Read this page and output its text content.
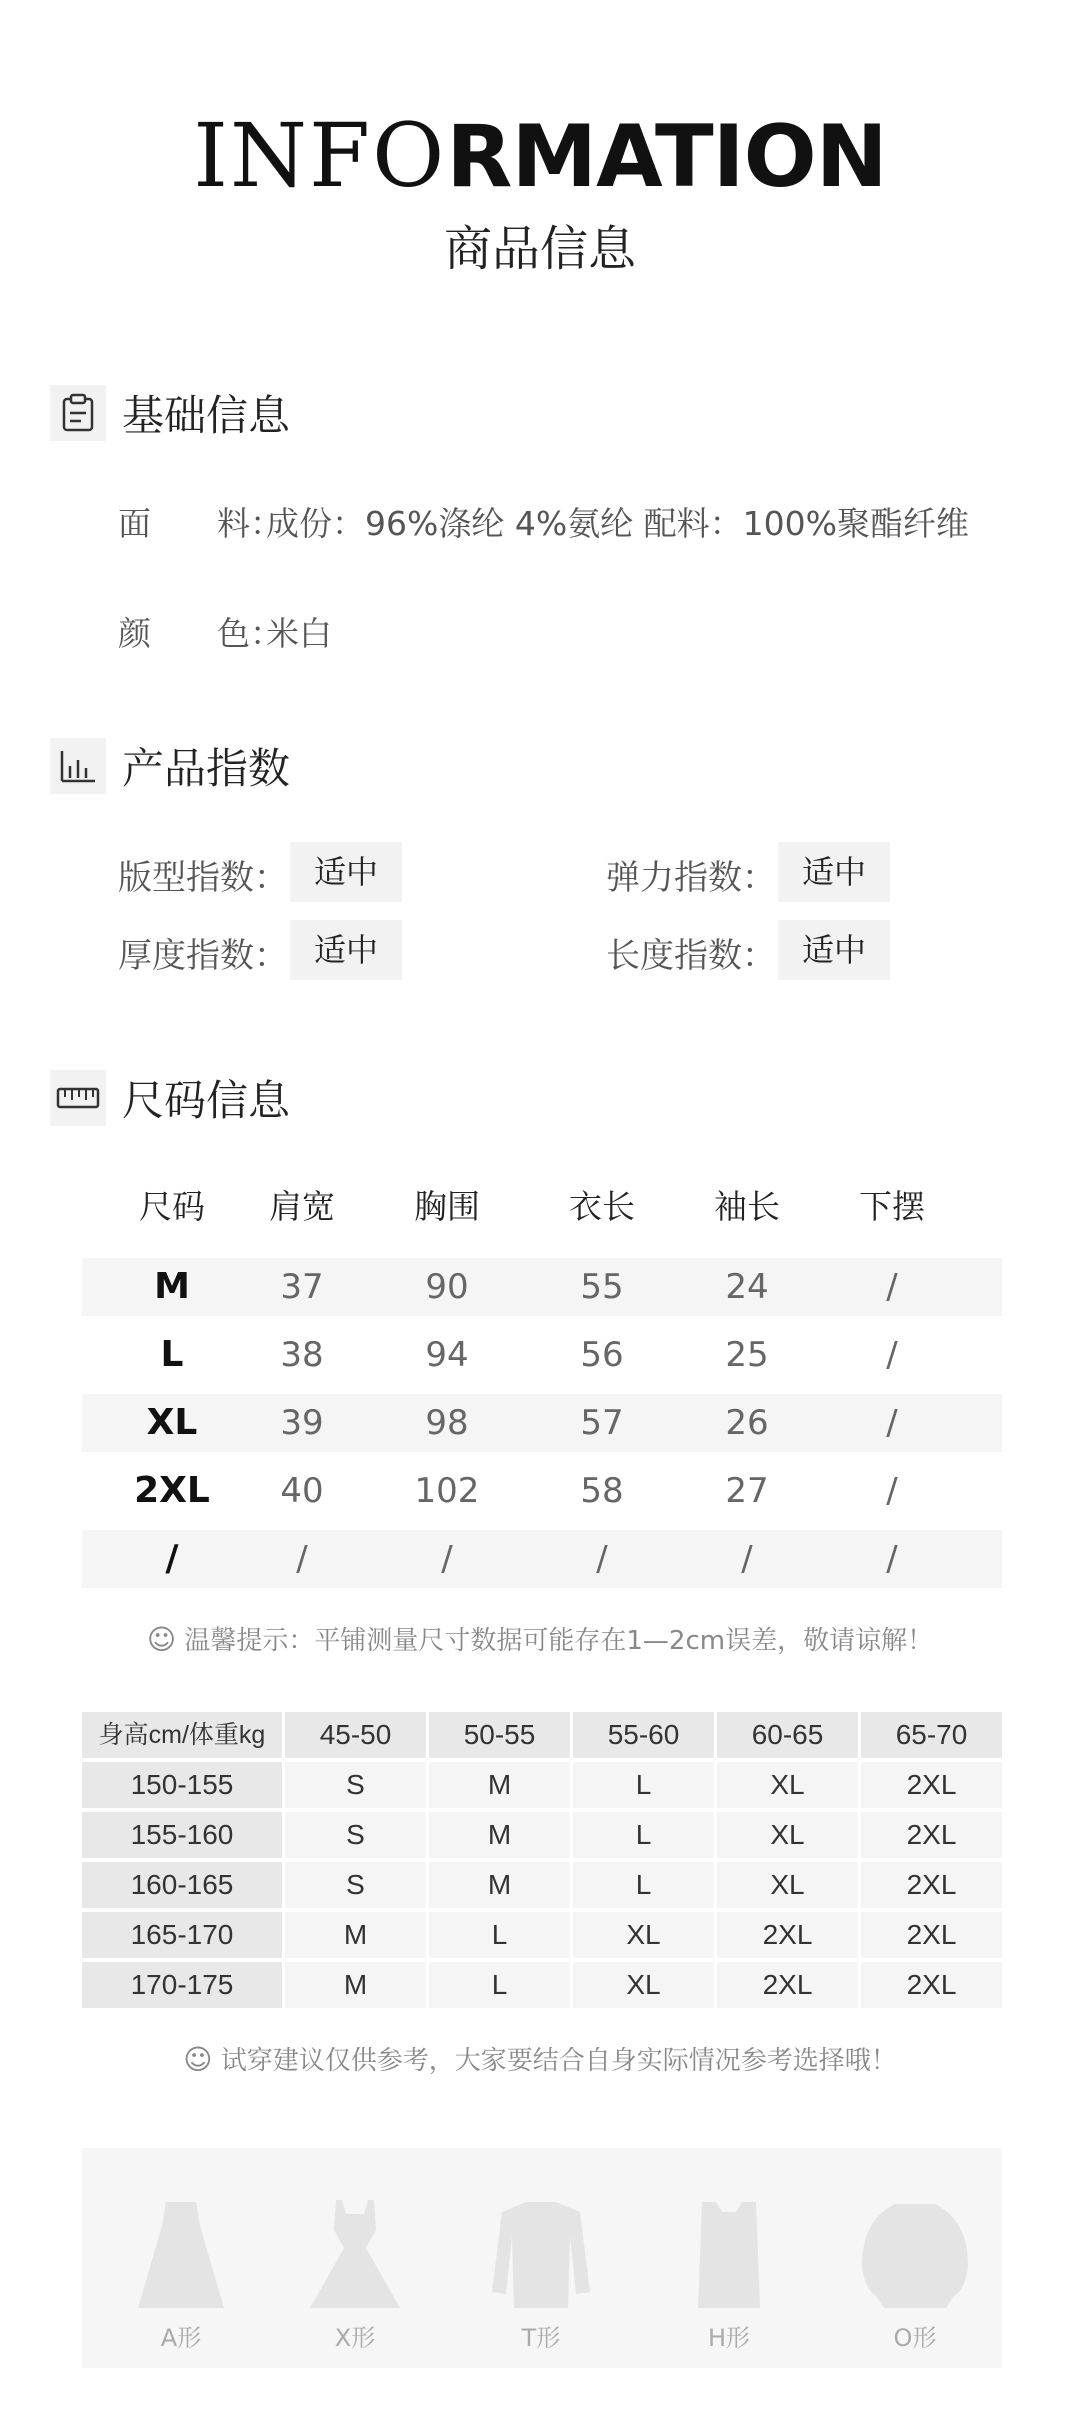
INFORMATION
商品信息
基础信息
面　　料：成份：96%涤纶 4%氨纶 配料：100%聚酯纤维
颜　　色：米白
产品指数
版型指数： 适中	弹力指数： 适中
厚度指数： 适中	长度指数： 适中
尺码信息
尺码	肩宽	胸围	衣长	袖长	下摆
M	37	90	55	24	/
L	38	94	56	25	/
XL	39	98	57	26	/
2XL	40	102	58	27	/
/	/	/	/	/	/
☺ 温馨提示：平铺测量尺寸数据可能存在1—2cm误差，敬请谅解！
身高cm/体重kg	45-50	50-55	55-60	60-65	65-70
150-155	S	M	L	XL	2XL
155-160	S	M	L	XL	2XL
160-165	S	M	L	XL	2XL
165-170	M	L	XL	2XL	2XL
170-175	M	L	XL	2XL	2XL
☺ 试穿建议仅供参考，大家要结合自身实际情况参考选择哦！
A形	X形	T形	H形	O形
